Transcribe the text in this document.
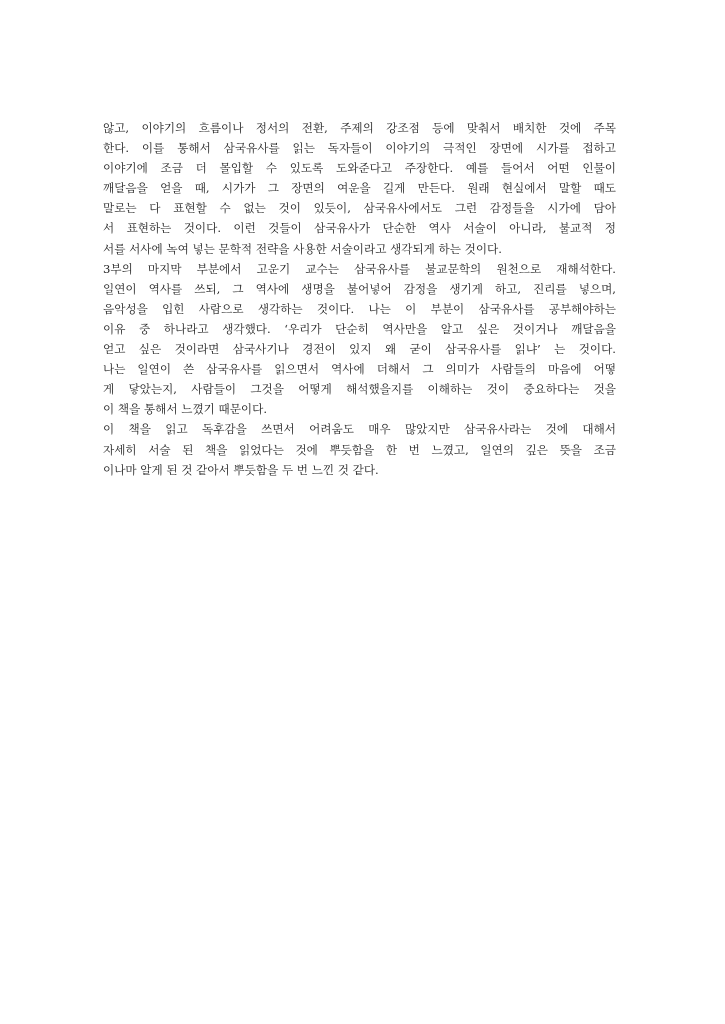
않고, 이야기의 흐름이나 정서의 전환, 주제의 강조점 등에 맞춰서 배치한 것에 주목
한다. 이를 통해서 삼국유사를 읽는 독자들이 이야기의 극적인 장면에 시가를 접하고
이야기에 조금 더 몰입할 수 있도록 도와준다고 주장한다. 예를 들어서 어떤 인물이
깨달음을 얻을 때, 시가가 그 장면의 여운을 길게 만든다. 원래 현실에서 말할 때도
말로는 다 표현할 수 없는 것이 있듯이, 삼국유사에서도 그런 감정들을 시가에 담아
서 표현하는 것이다. 이런 것들이 삼국유사가 단순한 역사 서술이 아니라, 불교적 정
서를 서사에 녹여 넣는 문학적 전략을 사용한 서술이라고 생각되게 하는 것이다.
3부의 마지막 부분에서 고운기 교수는 삼국유사를 불교문학의 원천으로 재해석한다.
일연이 역사를 쓰되, 그 역사에 생명을 불어넣어 감정을 생기게 하고, 진리를 넣으며,
음악성을 입힌 사람으로 생각하는 것이다. 나는 이 부분이 삼국유사를 공부해야하는
이유 중 하나라고 생각했다. ‘우리가 단순히 역사만을 알고 싶은 것이거나 깨달음을
얻고 싶은 것이라면 삼국사기나 경전이 있지 왜 굳이 삼국유사를 읽냐’ 는 것이다.
나는 일연이 쓴 삼국유사를 읽으면서 역사에 더해서 그 의미가 사람들의 마음에 어떻
게 닿았는지, 사람들이 그것을 어떻게 해석했을지를 이해하는 것이 중요하다는 것을
이 책을 통해서 느꼈기 때문이다.
이 책을 읽고 독후감을 쓰면서 어려움도 매우 많았지만 삼국유사라는 것에 대해서
자세히 서술 된 책을 읽었다는 것에 뿌듯함을 한 번 느꼈고, 일연의 깊은 뜻을 조금
이나마 알게 된 것 같아서 뿌듯함을 두 번 느낀 것 같다.
